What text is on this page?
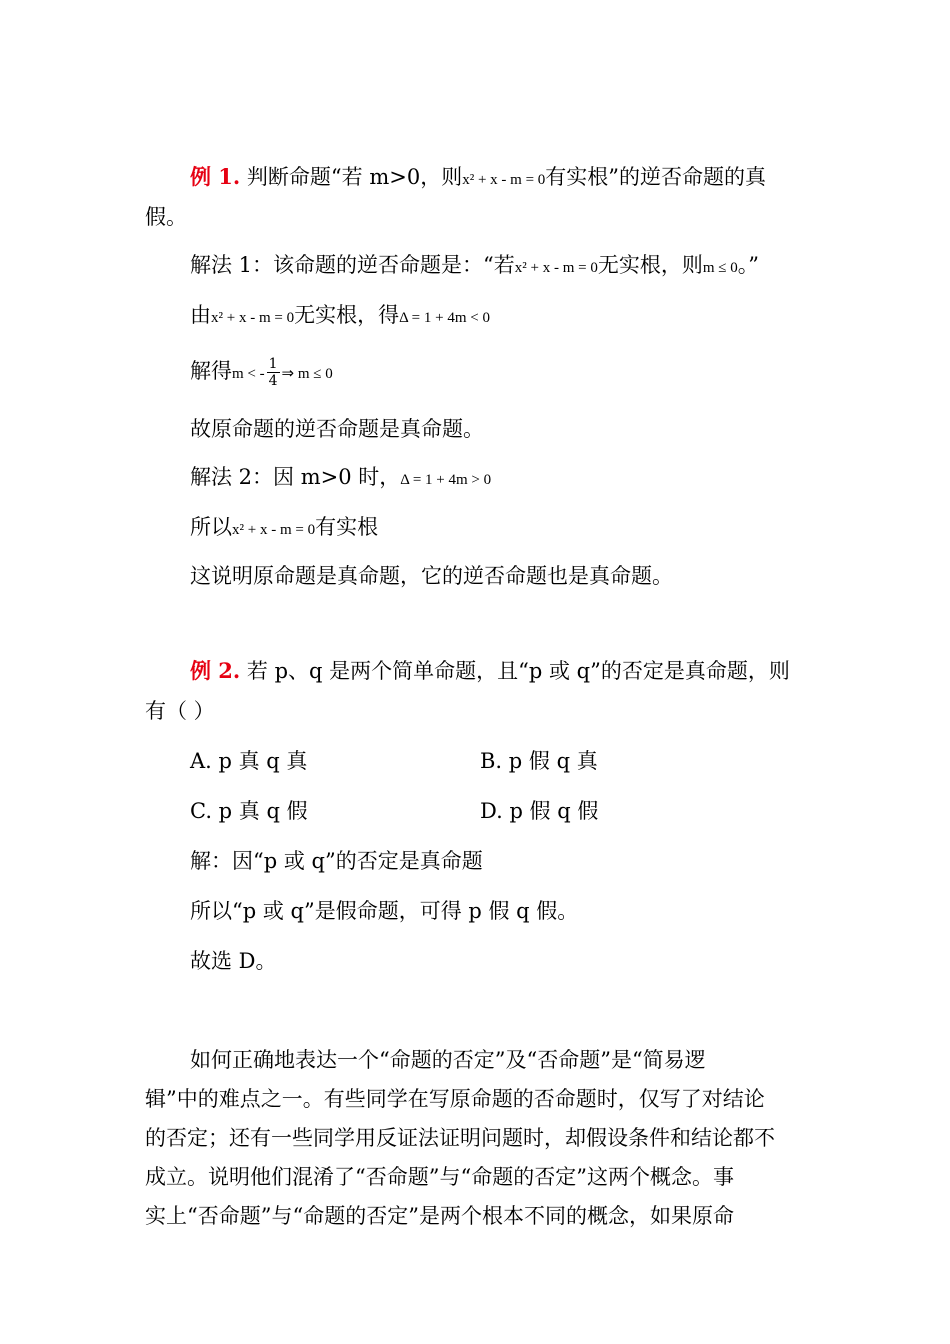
例 1. 判断命题“若 m>0，则x² + x - m = 0有实根”的逆否命题的真
假。
解法 1：该命题的逆否命题是：“若x² + x - m = 0无实根，则m ≤ 0。”
由x² + x - m = 0无实根，得Δ = 1 + 4m < 0
解得m < - $\frac{1}{4}$ ⇒ m ≤ 0
故原命题的逆否命题是真命题。
解法 2：因 m>0 时，Δ = 1 + 4m > 0
所以x² + x - m = 0有实根
这说明原命题是真命题，它的逆否命题也是真命题。
例 2. 若 p、q 是两个简单命题，且“p 或 q”的否定是真命题，则
有（ ）
A. p 真 q 真	B. p 假 q 真
C. p 真 q 假	D. p 假 q 假
解：因“p 或 q”的否定是真命题
所以“p 或 q”是假命题，可得 p 假 q 假。
故选 D。
如何正确地表达一个“命题的否定”及“否命题”是“简易逻
辑”中的难点之一。有些同学在写原命题的否命题时，仅写了对结论
的否定；还有一些同学用反证法证明问题时，却假设条件和结论都不
成立。说明他们混淆了“否命题”与“命题的否定”这两个概念。事
实上“否命题”与“命题的否定”是两个根本不同的概念，如果原命
